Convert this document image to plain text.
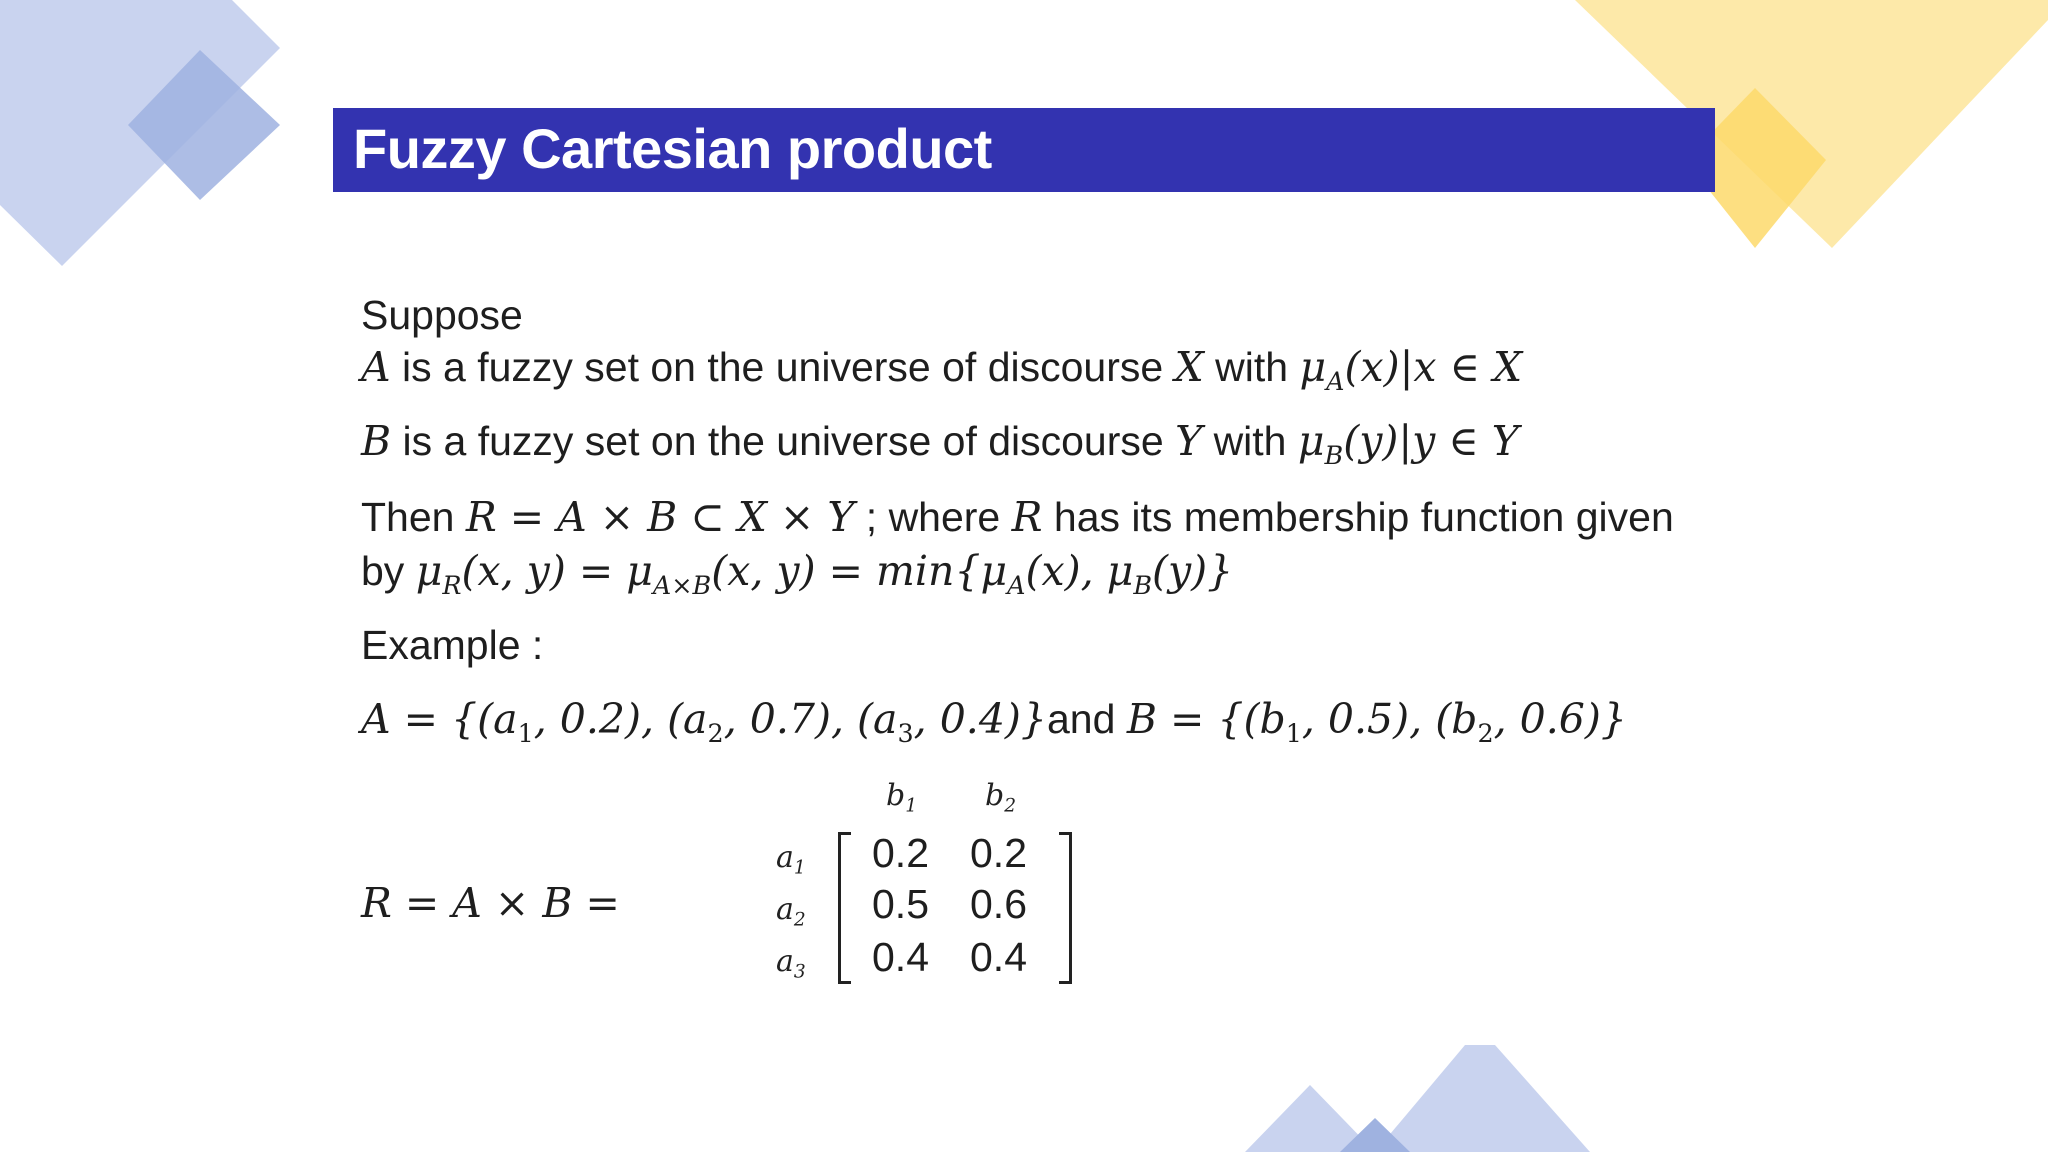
Fuzzy Cartesian product
Suppose
A is a fuzzy set on the universe of discourse X with $\mu_A(x)|x$ ∈ X
B is a fuzzy set on the universe of discourse Y with $\mu_B(y)|y$ ∈ Y
Then R = A × B ⊂ X × Y ; where R has its membership function given
by $\mu_R(x$, $y) = \mu_{A\times B}(x$, $y) = \min\{\mu_A(x)$, $\mu_B(y)$}
Example :
$A = \{(a_1$, 0.2), ($a_2$, 0.7), ($a_3$, 0.4)}and $B = \{(b_1$, 0.5), ($b_2$, 0.6)}
R = A × B =
$b_1$ $b_2$
$a_1$
$a_2$
$a_3$
0.2 0.2
0.5 0.6
0.4 0.4
